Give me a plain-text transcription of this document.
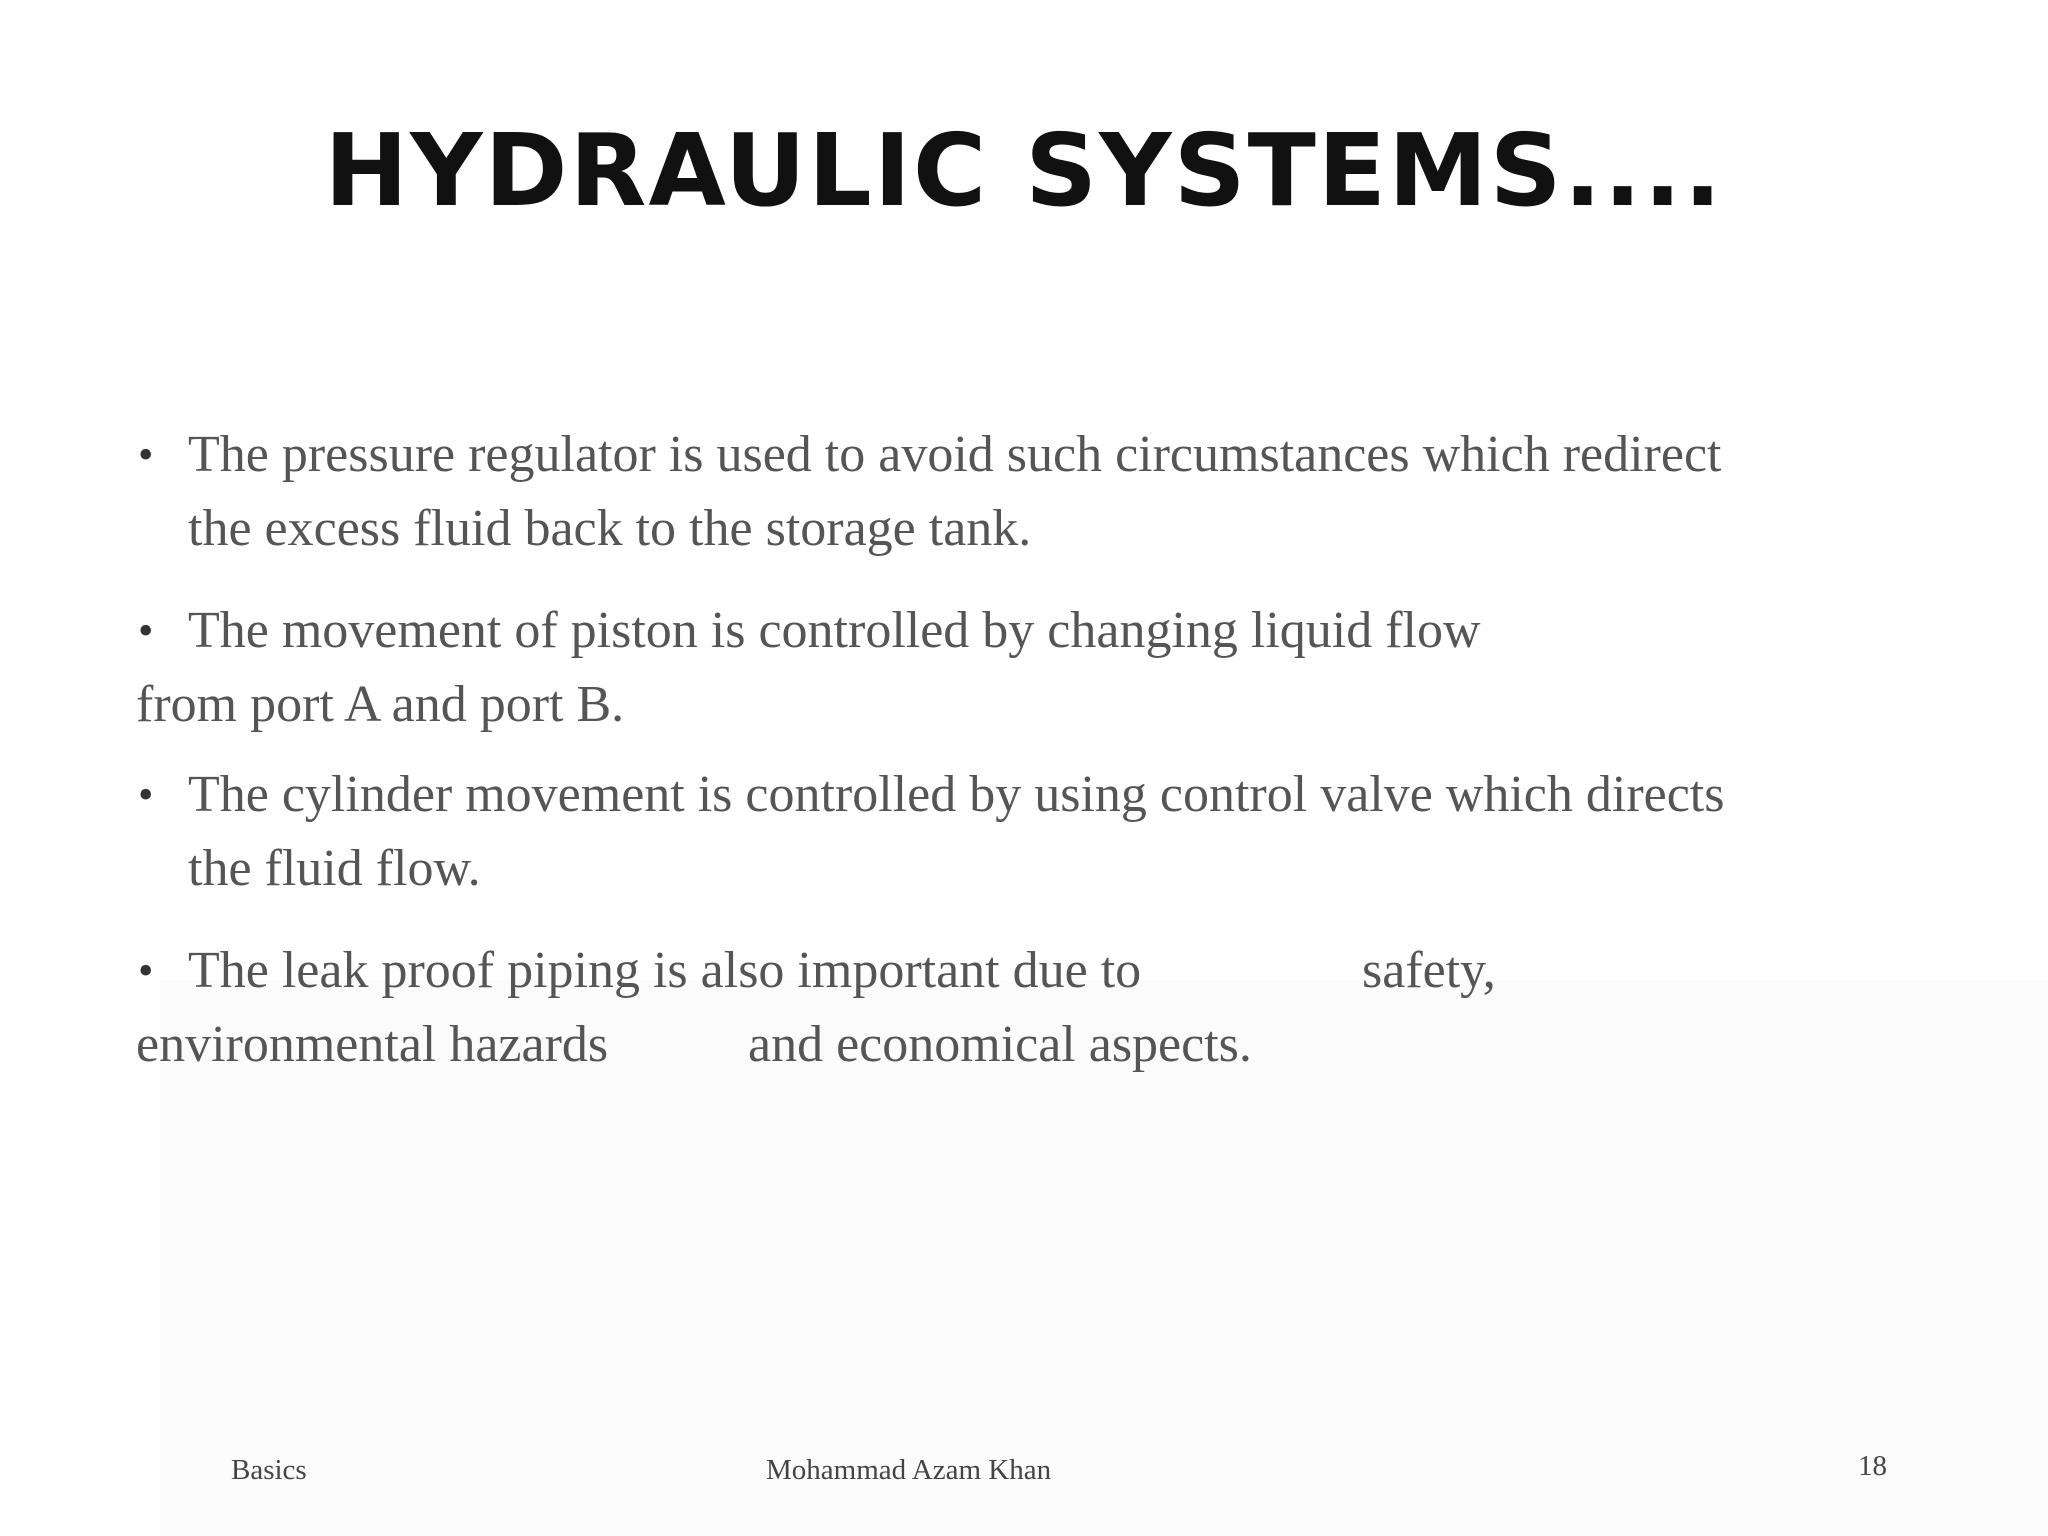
HYDRAULIC SYSTEMS....
• The pressure regulator is used to avoid such circumstances which redirect
the excess fluid back to the storage tank.
• The movement of piston is controlled by changing liquid flow
from port A and port B.
• The cylinder movement is controlled by using control valve which directs
the fluid flow.
• The leak proof piping is also important due to	safety,
environmental hazards	and economical aspects.
Basics	Mohammad Azam Khan	18
